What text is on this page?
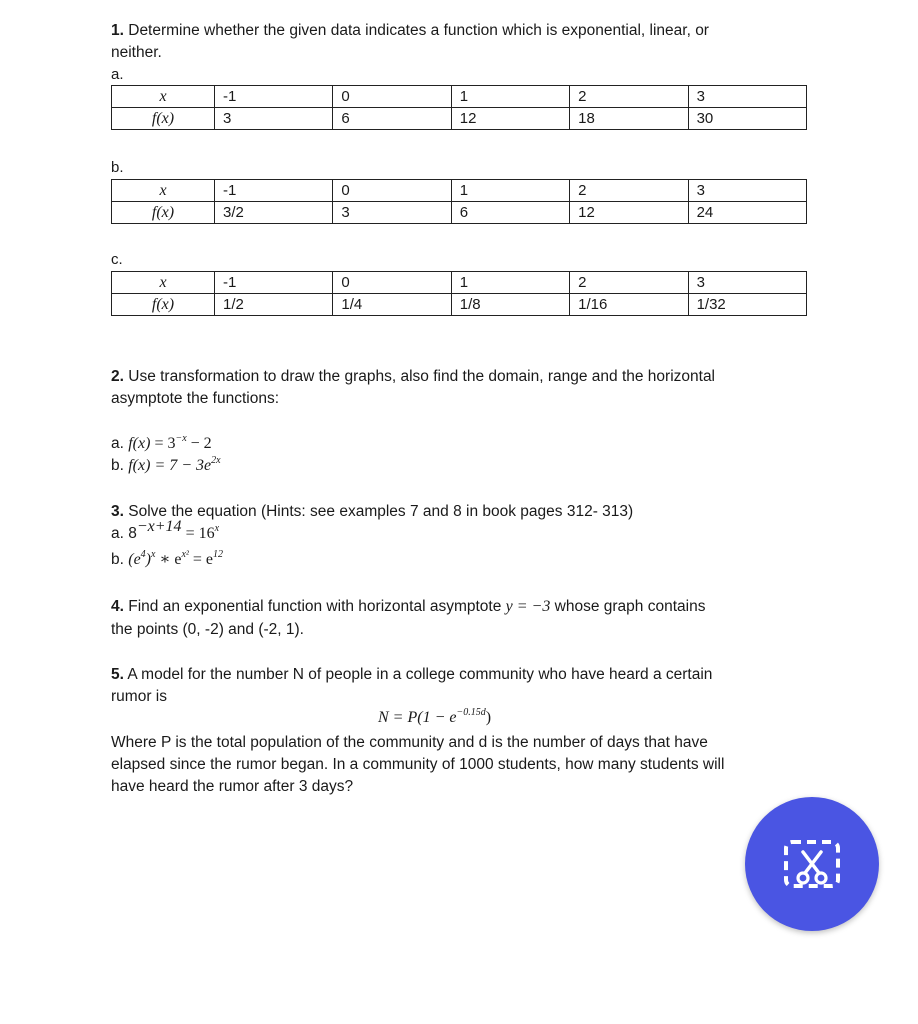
1. Determine whether the given data indicates a function which is exponential, linear, or
neither.
a.
x	-1	0	1	2	3
f(x)	3	6	12	18	30
b.
x	-1	0	1	2	3
f(x)	3/2	3	6	12	24
c.
x	-1	0	1	2	3
f(x)	1/2	1/4	1/8	1/16	1/32
2. Use transformation to draw the graphs, also find the domain, range and the horizontal
asymptote the functions:
a. $f(x) = 3^{-x} - 2$
b. $f(x) = 7 - 3e^{2x}$
3. Solve the equation (Hints: see examples 7 and 8 in book pages 312- 313)
a. $8^{-x+14} = 16^x$
b. $(e^4)^x$ ∗ $e^{x^2} = e^{12}$
4. Find an exponential function with horizontal asymptote y = −3 whose graph contains
the points (0, -2) and (-2, 1).
5. A model for the number N of people in a college community who have heard a certain
rumor is
$N = P(1 - e^{-0.15d})$
Where P is the total population of the community and d is the number of days that have
elapsed since the rumor began. In a community of 1000 students, how many students will
have heard the rumor after 3 days?
